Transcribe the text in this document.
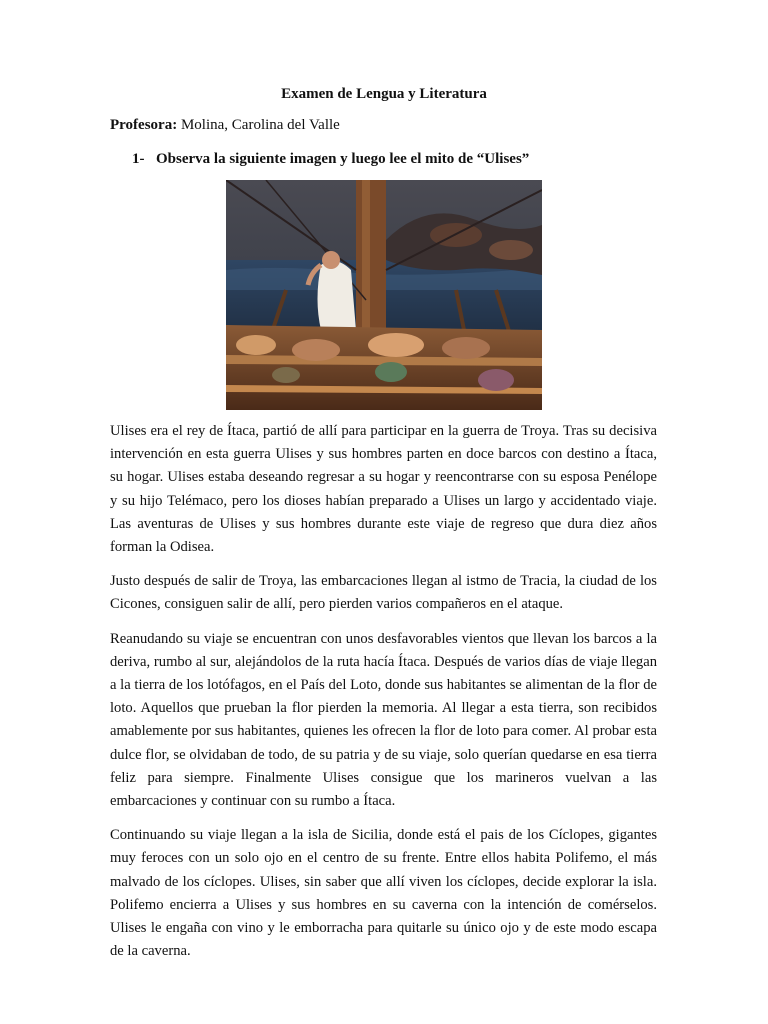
Examen de Lengua y Literatura
Profesora: Molina, Carolina del Valle
1- Observa la siguiente imagen y luego lee el mito de “Ulises”

Ulises era el rey de Ítaca, partió de allí para participar en la guerra de Troya. Tras su decisiva intervención en esta guerra Ulises y sus hombres parten en doce barcos con destino a Ítaca, su hogar. Ulises estaba deseando regresar a su hogar y reencontrarse con su esposa Penélope y su hijo Telémaco, pero los dioses habían preparado a Ulises un largo y accidentado viaje. Las aventuras de Ulises y sus hombres durante este viaje de regreso que dura diez años forman la Odisea.

Justo después de salir de Troya, las embarcaciones llegan al istmo de Tracia, la ciudad de los Cicones, consiguen salir de allí, pero pierden varios compañeros en el ataque.

Reanudando su viaje se encuentran con unos desfavorables vientos que llevan los barcos a la deriva, rumbo al sur, alejándolos de la ruta hacía Ítaca. Después de varios días de viaje llegan a la tierra de los lotófagos, en el País del Loto, donde sus habitantes se alimentan de la flor de loto. Aquellos que prueban la flor pierden la memoria. Al llegar a esta tierra, son recibidos amablemente por sus habitantes, quienes les ofrecen la flor de loto para comer. Al probar esta dulce flor, se olvidaban de todo, de su patria y de su viaje, solo querían quedarse en esa tierra feliz para siempre. Finalmente Ulises consigue que los marineros vuelvan a las embarcaciones y continuar con su rumbo a Ítaca.

Continuando su viaje llegan a la isla de Sicilia, donde está el pais de los Cíclopes, gigantes muy feroces con un solo ojo en el centro de su frente. Entre ellos habita Polifemo, el más malvado de los cíclopes. Ulises, sin saber que allí viven los cíclopes, decide explorar la isla. Polifemo encierra a Ulises y sus hombres en su caverna con la intención de comérselos. Ulises le engaña con vino y le emborracha para quitarle su único ojo y de este modo escapa de la caverna.
